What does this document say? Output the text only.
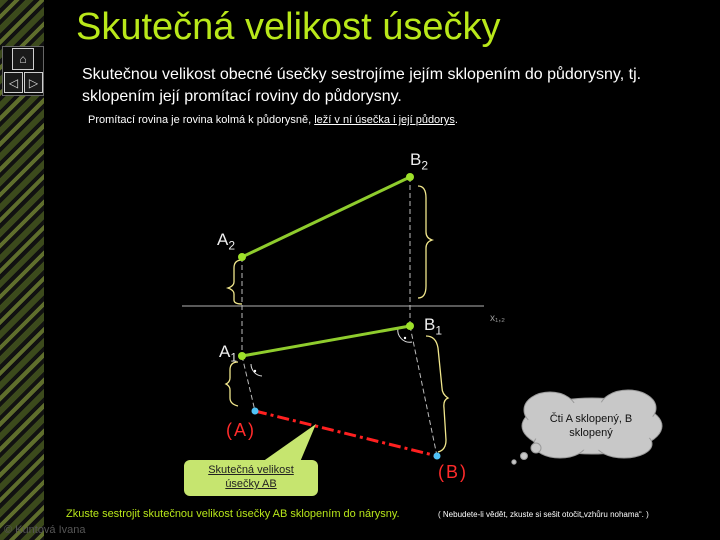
⌂
◁ ▷
Skutečná velikost úsečky
Skutečnou velikost obecné úsečky sestrojíme jejím sklopením do půdorysny, tj. sklopením její promítací roviny do půdorysny.
Promítací rovina je rovina kolmá k půdorysně, leží v ní úsečka i její půdorys.
$B_2$
$A_2$
$B_1$
$A_1$
x₁,₂
(A)
(B)
Skutečná velikost
úsečky AB
Čti A sklopený, B sklopený
Zkuste sestrojit skutečnou velikost úsečky AB sklopením do nárysny.	( Nebudete-li vědět, zkuste si sešit otočit„vzhůru nohama“. )
© Kuntová Ivana
